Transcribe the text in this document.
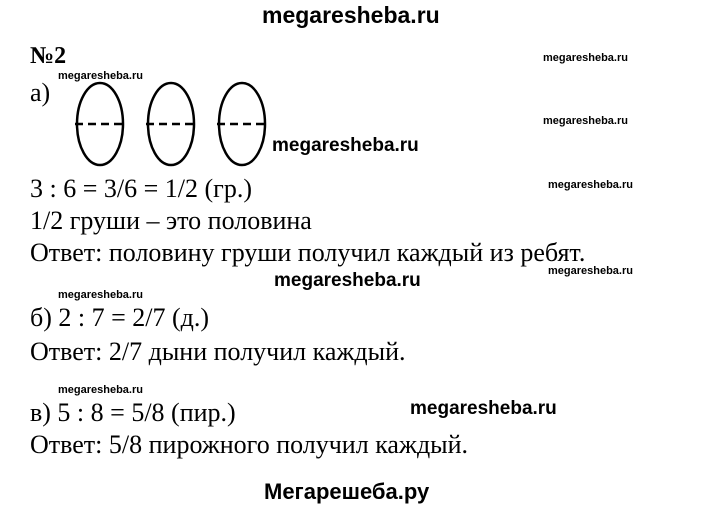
megaresheba.ru
№2	megaresheba.ru
megaresheba.ru
а)
megaresheba.ru
megaresheba.ru
3 : 6 = 3/6 = 1/2 (гр.)	megaresheba.ru
1/2 груши – это половина
Ответ: половину груши получил каждый из ребят.
megaresheba.ru
megaresheba.ru
megaresheba.ru
б) 2 : 7 = 2/7 (д.)
Ответ: 2/7 дыни получил каждый.
megaresheba.ru
megaresheba.ru
в) 5 : 8 = 5/8 (пир.)
Ответ: 5/8 пирожного получил каждый.
Мегарешеба.ру
